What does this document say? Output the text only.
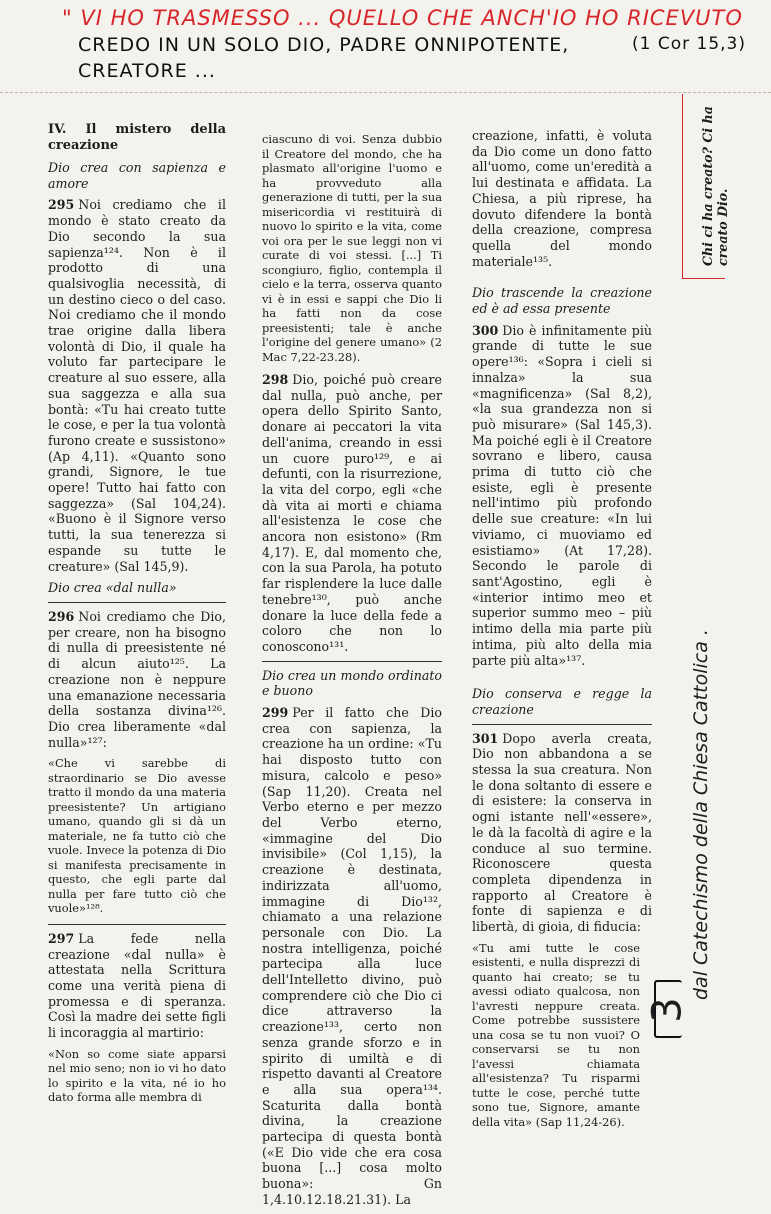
" VI HO TRASMESSO ... QUELLO CHE ANCH'IO HO RICEVUTO
CREDO IN UN SOLO DIO, PADRE ONNIPOTENTE,	(1 Cor 15,3)
CREATORE ...

IV. Il mistero della creazione

Dio crea con sapienza e amore

295 Noi crediamo che il mondo è stato creato da Dio secondo la sua sapienza¹²⁴. Non è il prodotto di una qualsivoglia necessità, di un destino cieco o del caso. Noi crediamo che il mondo trae origine dalla libera volontà di Dio, il quale ha voluto far partecipare le creature al suo essere, alla sua saggezza e alla sua bontà: «Tu hai creato tutte le cose, e per la tua volontà furono create e sussistono» (Ap 4,11). «Quanto sono grandi, Signore, le tue opere! Tutto hai fatto con saggezza» (Sal 104,24). «Buono è il Signore verso tutti, la sua tenerezza si espande su tutte le creature» (Sal 145,9).

Dio crea «dal nulla»

296 Noi crediamo che Dio, per creare, non ha bisogno di nulla di preesistente né di alcun aiuto¹²⁵. La creazione non è neppure una emanazione necessaria della sostanza divina¹²⁶. Dio crea liberamente «dal nulla»¹²⁷:

«Che vi sarebbe di straordinario se Dio avesse tratto il mondo da una materia preesistente? Un artigiano umano, quando gli si dà un materiale, ne fa tutto ciò che vuole. Invece la potenza di Dio si manifesta precisamente in questo, che egli parte dal nulla per fare tutto ciò che vuole»¹²⁸.

297 La fede nella creazione «dal nulla» è attestata nella Scrittura come una verità piena di promessa e di speranza. Così la madre dei sette figli li incoraggia al martirio:

«Non so come siate apparsi nel mio seno; non io vi ho dato lo spirito e la vita, né io ho dato forma alle membra di

ciascuno di voi. Senza dubbio il Creatore del mondo, che ha plasmato all'origine l'uomo e ha provveduto alla generazione di tutti, per la sua misericordia vi restituirà di nuovo lo spirito e la vita, come voi ora per le sue leggi non vi curate di voi stessi. [...] Ti scongiuro, figlio, contempla il cielo e la terra, osserva quanto vi è in essi e sappi che Dio li ha fatti non da cose preesistenti; tale è anche l'origine del genere umano» (2 Mac 7,22-23.28).

298 Dio, poiché può creare dal nulla, può anche, per opera dello Spirito Santo, donare ai peccatori la vita dell'anima, creando in essi un cuore puro¹²⁹, e ai defunti, con la risurrezione, la vita del corpo, egli «che dà vita ai morti e chiama all'esistenza le cose che ancora non esistono» (Rm 4,17). E, dal momento che, con la sua Parola, ha potuto far risplendere la luce dalle tenebre¹³⁰, può anche donare la luce della fede a coloro che non lo conoscono¹³¹.

Dio crea un mondo ordinato e buono

299 Per il fatto che Dio crea con sapienza, la creazione ha un ordine: «Tu hai disposto tutto con misura, calcolo e peso» (Sap 11,20). Creata nel Verbo eterno e per mezzo del Verbo eterno, «immagine del Dio invisibile» (Col 1,15), la creazione è destinata, indirizzata all'uomo, immagine di Dio¹³², chiamato a una relazione personale con Dio. La nostra intelligenza, poiché partecipa alla luce dell'Intelletto divino, può comprendere ciò che Dio ci dice attraverso la creazione¹³³, certo non senza grande sforzo e in spirito di umiltà e di rispetto davanti al Creatore e alla sua opera¹³⁴. Scaturita dalla bontà divina, la creazione partecipa di questa bontà («E Dio vide che era cosa buona [...] cosa molto buona»: Gn 1,4.10.12.18.21.31). La

creazione, infatti, è voluta da Dio come un dono fatto all'uomo, come un'eredità a lui destinata e affidata. La Chiesa, a più riprese, ha dovuto difendere la bontà della creazione, compresa quella del mondo materiale¹³⁵.

Dio trascende la creazione ed è ad essa presente

300 Dio è infinitamente più grande di tutte le sue opere¹³⁶: «Sopra i cieli si innalza» la sua «magnificenza» (Sal 8,2), «la sua grandezza non si può misurare» (Sal 145,3). Ma poiché egli è il Creatore sovrano e libero, causa prima di tutto ciò che esiste, egli è presente nell'intimo più profondo delle sue creature: «In lui viviamo, ci muoviamo ed esistiamo» (At 17,28). Secondo le parole di sant'Agostino, egli è «interior intimo meo et superior summo meo – più intimo della mia parte più intima, più alto della mia parte più alta»¹³⁷.

Dio conserva e regge la creazione

301 Dopo averla creata, Dio non abbandona a se stessa la sua creatura. Non le dona soltanto di essere e di esistere: la conserva in ogni istante nell'«essere», le dà la facoltà di agire e la conduce al suo termine. Riconoscere questa completa dipendenza in rapporto al Creatore è fonte di sapienza e di libertà, di gioia, di fiducia:

«Tu ami tutte le cose esistenti, e nulla disprezzi di quanto hai creato; se tu avessi odiato qualcosa, non l'avresti neppure creata. Come potrebbe sussistere una cosa se tu non vuoi? O conservarsi se tu non l'avessi chiamata all'esistenza? Tu risparmi tutte le cose, perché tutte sono tue, Signore, amante della vita» (Sap 11,24-26).

Chi ci ha creato? Ci ha creato Dio.
dal Catechismo della Chiesa Cattolica .
3
